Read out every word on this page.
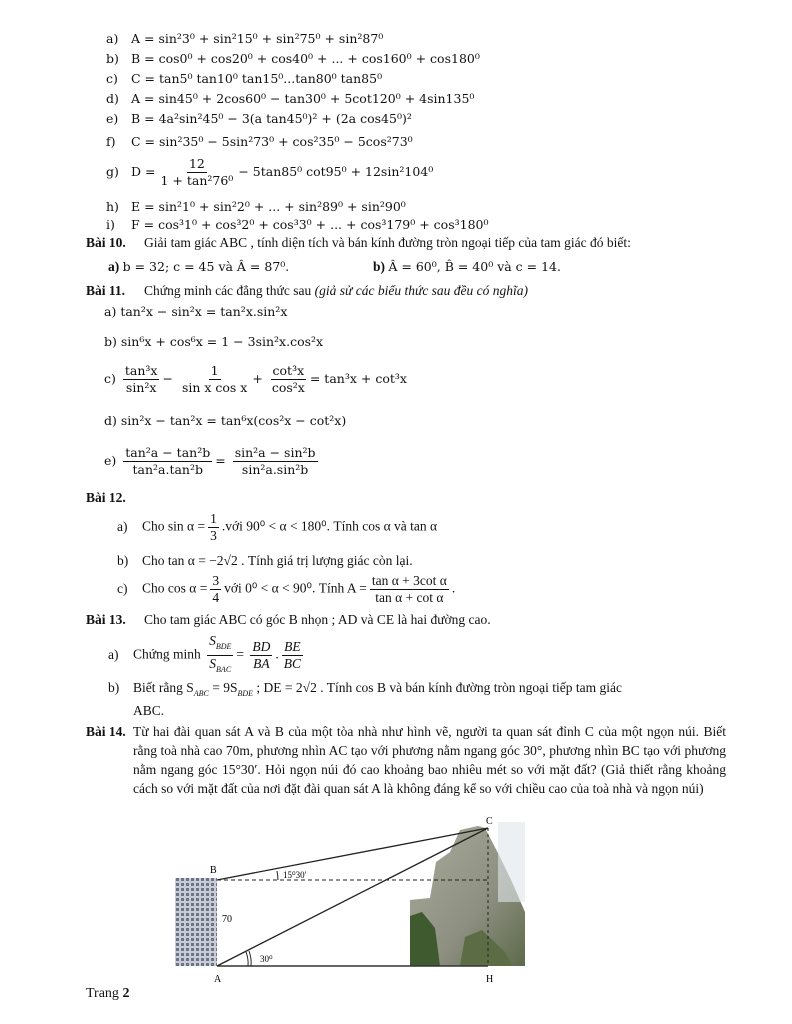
a) A = sin²3⁰ + sin²15⁰ + sin²75⁰ + sin²87⁰
b) B = cos0⁰ + cos20⁰ + cos40⁰ + ... + cos160⁰ + cos180⁰
c) C = tan5⁰ tan10⁰ tan15⁰...tan80⁰ tan85⁰
d) A = sin45⁰ + 2cos60⁰ − tan30⁰ + 5cot120⁰ + 4sin135⁰
e) B = 4a²sin²45⁰ − 3(a tan45⁰)² + (2a cos45⁰)²
f) C = sin²35⁰ − 5sin²73⁰ + cos²35⁰ − 5cos²73⁰
g) $D = \frac{12}{\text{1 + tan²76⁰}} - 5\tan 85^0$ cot95⁰ + 12sin²104⁰
h) E = sin²1⁰ + sin²2⁰ + ... + sin²89⁰ + sin²90⁰
i) F = cos³1⁰ + cos³2⁰ + cos³3⁰ + ... + cos³179⁰ + cos³180⁰
Bài 10. Giải tam giác ABC , tính diện tích và bán kính đường tròn ngoại tiếp của tam giác đó biết:
a) b = 32; c = 45 và Â = 87⁰.	b) Â = 60⁰, B̂ = 40⁰ và c = 14.
Bài 11. Chứng minh các đẳng thức sau (giả sử các biểu thức sau đều có nghĩa)
a) tan²x − sin²x = tan²x.sin²x
b) sin⁶x + cos⁶x = 1 − 3sin²x.cos²x
$c) \frac{\text{tan³x}}{\text{sin²x}} - \frac{1}{\text{sin x cos x}} + \frac{\text{cot³x}}{\text{cos²x}} = \tan^3x + \cot^3x$
d) sin²x − tan²x = tan⁶x(cos²x − cot²x)
$e) \frac{\text{tan²a − tan²b}}{\text{tan²a.tan²b}} = \frac{\text{sin²a − sin²b}}{\text{sin²a.sin²b}}$
Bài 12.
a) Cho $\sin \alpha = \frac{1}{3}$ .với 90⁰ < α < 180⁰. Tính cos α và tan α
b) Cho tan α = −2√2 . Tính giá trị lượng giác còn lại.
c) Cho $\cos \alpha = \frac{3}{4}$ với 0⁰ < α < 90⁰. Tính $A = \frac{\text{tan α + 3cot α}}{\text{tan α + cot α}}$ .
Bài 13. Cho tam giác ABC có góc B nhọn ; AD và CE là hai đường cao.
a) Chứng minh
$S_{BDE}$
$S_{BAC}$
= $\frac{BD}{BA}$ . $\frac{BE}{BC}$
b) Biết rằng $S_{ABC} = 9S_{BDE}$ ; DE = 2√2 . Tính cos B và bán kính đường tròn ngoại tiếp tam giác
ABC.
Bài 14. Từ hai đài quan sát A và B của một tòa nhà như hình vẽ, người ta quan sát đỉnh C của một ngọn núi. Biết rằng toà nhà cao 70m, phương nhìn AC tạo với phương nằm ngang góc 30°, phương nhìn BC tạo với phương nằm ngang góc 15°30′. Hỏi ngọn núi đó cao khoảng bao nhiêu mét so với mặt đất? (Giả thiết rằng khoảng cách so với mặt đất của nơi đặt đài quan sát A là không đáng kể so với chiều cao của toà nhà và ngọn núi)
B
A
C
H
70
15⁰30′
30⁰
Trang 2
